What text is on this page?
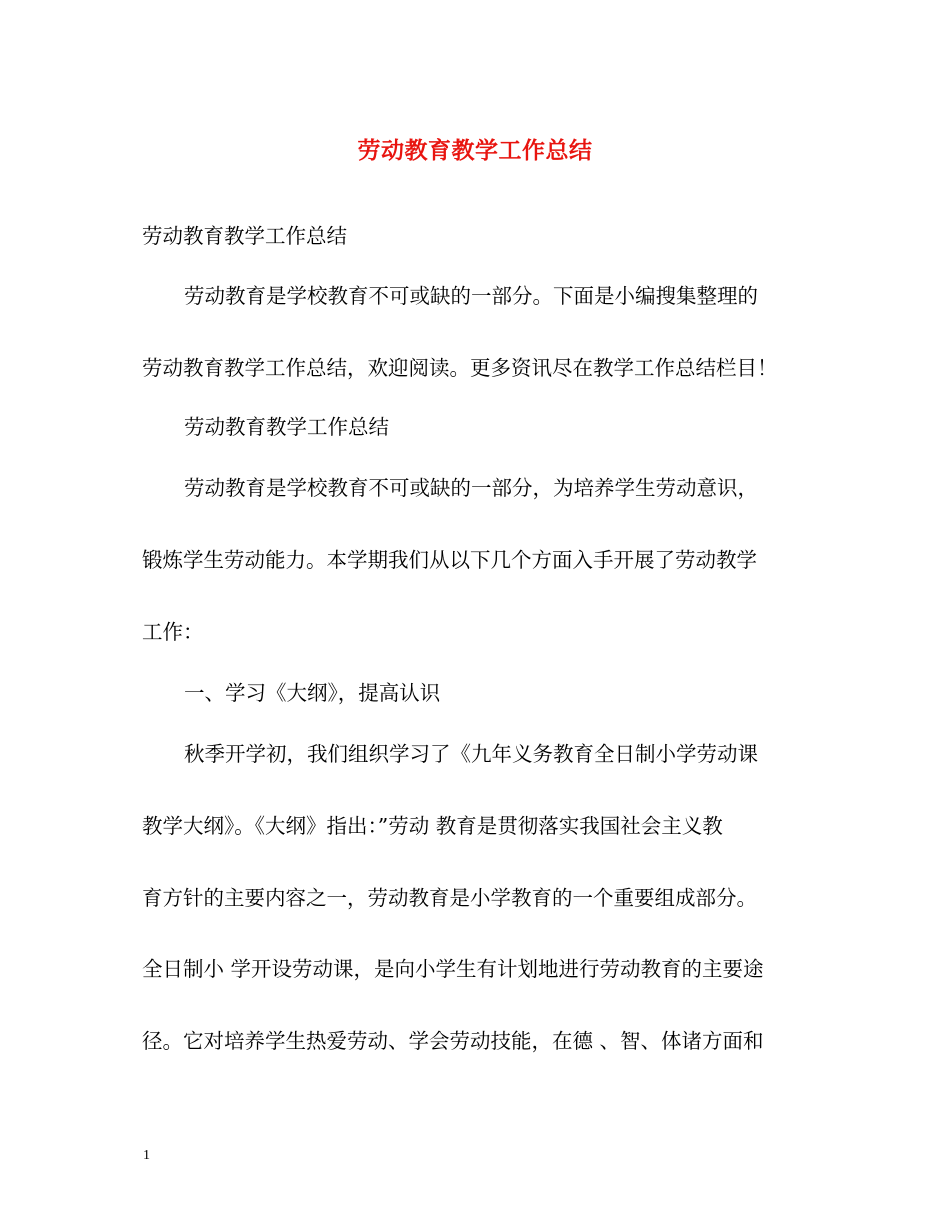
劳动教育教学工作总结
劳动教育教学工作总结
劳动教育是学校教育不可或缺的一部分。下面是小编搜集整理的
劳动教育教学工作总结，欢迎阅读。更多资讯尽在教学工作总结栏目！
劳动教育教学工作总结
劳动教育是学校教育不可或缺的一部分，为培养学生劳动意识，
锻炼学生劳动能力。本学期我们从以下几个方面入手开展了劳动教学
工作：
一、学习《大纲》，提高认识
秋季开学初，我们组织学习了《九年义务教育全日制小学劳动课
教学大纲》。《大纲》指出：”劳动 教育是贯彻落实我国社会主义教
育方针的主要内容之一，劳动教育是小学教育的一个重要组成部分。
全日制小 学开设劳动课，是向小学生有计划地进行劳动教育的主要途
径。它对培养学生热爱劳动、学会劳动技能，在德 、智、体诸方面和
1
